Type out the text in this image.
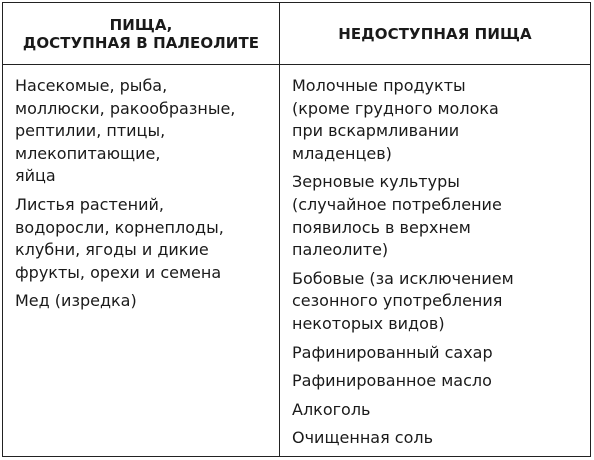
ПИЩА,
ДОСТУПНАЯ В ПАЛЕОЛИТЕ	НЕДОСТУПНАЯ ПИЩА
Насекомые, рыба,
моллюски, ракообразные,
рептилии, птицы,
млекопитающие,
яйца
Листья растений,
водоросли, корнеплоды,
клубни, ягоды и дикие
фрукты, орехи и семена
Мед (изредка)
Молочные продукты
(кроме грудного молока
при вскармливании
младенцев)
Зерновые культуры
(случайное потребление
появилось в верхнем
палеолите)
Бобовые (за исключением
сезонного употребления
некоторых видов)
Рафинированный сахар
Рафинированное масло
Алкоголь
Очищенная соль
